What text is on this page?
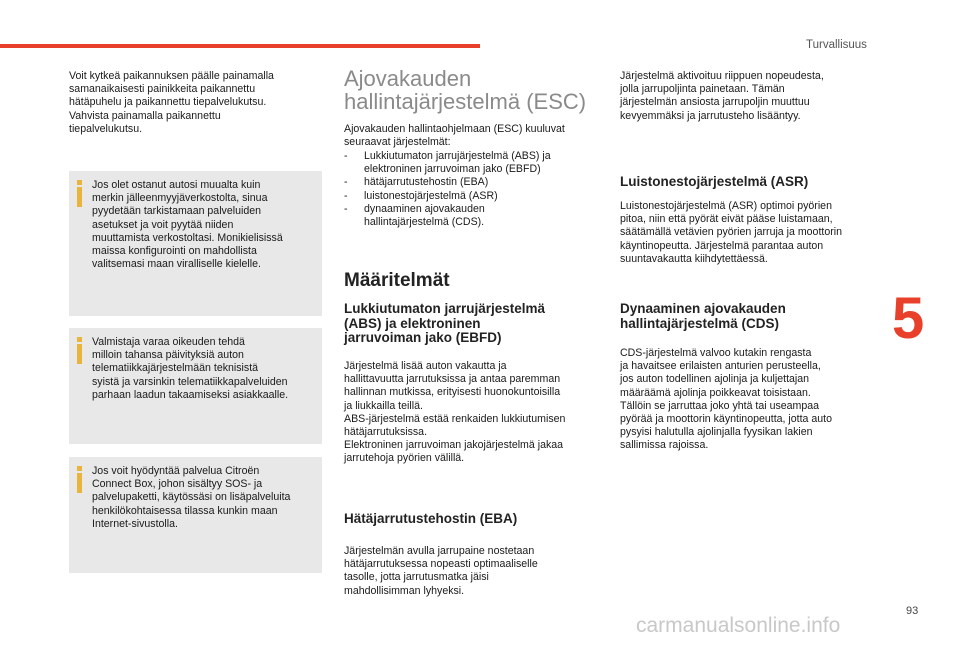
Turvallisuus

Voit kytkeä paikannuksen päälle painamalla
samanaikaisesti painikkeita paikannettu
hätäpuhelu ja paikannettu tiepalvelukutsu.
Vahvista painamalla paikannettu
tiepalvelukutsu.

Jos olet ostanut autosi muualta kuin
merkin jälleenmyyjäverkostolta, sinua
pyydetään tarkistamaan palveluiden
asetukset ja voit pyytää niiden
muuttamista verkostoltasi. Monikielisissä
maissa konfigurointi on mahdollista
valitsemasi maan viralliselle kielelle.

Valmistaja varaa oikeuden tehdä
milloin tahansa päivityksiä auton
telematiikkajärjestelmään teknisistä
syistä ja varsinkin telematiikkapalveluiden
parhaan laadun takaamiseksi asiakkaalle.

Jos voit hyödyntää palvelua Citroën
Connect Box, johon sisältyy SOS- ja
palvelupaketti, käytössäsi on lisäpalveluita
henkilökohtaisessa tilassa kunkin maan
Internet-sivustolla.

Ajovakauden
hallintajärjestelmä (ESC)

Ajovakauden hallintaohjelmaan (ESC) kuuluvat
seuraavat järjestelmät:

- Lukkiutumaton jarrujärjestelmä (ABS) ja
elektroninen jarruvoiman jako (EBFD)
- hätäjarrutustehostin (EBA)
- luistonestojärjestelmä (ASR)
- dynaaminen ajovakauden
hallintajärjestelmä (CDS).
Määritelmät
Lukkiutumaton jarrujärjestelmä
(ABS) ja elektroninen
jarruvoiman jako (EBFD)

Järjestelmä lisää auton vakautta ja
hallittavuutta jarrutuksissa ja antaa paremman
hallinnan mutkissa, erityisesti huonokuntoisilla
ja liukkailla teillä.
ABS-järjestelmä estää renkaiden lukkiutumisen
hätäjarrutuksissa.
Elektroninen jarruvoiman jakojärjestelmä jakaa
jarrutehoja pyörien välillä.

Hätäjarrutustehostin (EBA)

Järjestelmän avulla jarrupaine nostetaan
hätäjarrutuksessa nopeasti optimaaliselle
tasolle, jotta jarrutusmatka jäisi
mahdollisimman lyhyeksi.

Järjestelmä aktivoituu riippuen nopeudesta,
jolla jarrupoljinta painetaan. Tämän
järjestelmän ansiosta jarrupoljin muuttuu
kevyemmäksi ja jarrutusteho lisääntyy.

Luistonestojärjestelmä (ASR)

Luistonestojärjestelmä (ASR) optimoi pyörien
pitoa, niin että pyörät eivät pääse luistamaan,
säätämällä vetävien pyörien jarruja ja moottorin
käyntinopeutta. Järjestelmä parantaa auton
suuntavakautta kiihdytettäessä.

Dynaaminen ajovakauden
hallintajärjestelmä (CDS)

CDS-järjestelmä valvoo kutakin rengasta
ja havaitsee erilaisten anturien perusteella,
jos auton todellinen ajolinja ja kuljettajan
määräämä ajolinja poikkeavat toisistaan.
Tällöin se jarruttaa joko yhtä tai useampaa
pyörää ja moottorin käyntinopeutta, jotta auto
pysyisi halutulla ajolinjalla fyysikan lakien
sallimissa rajoissa.

5
93
carmanualsonline.info
